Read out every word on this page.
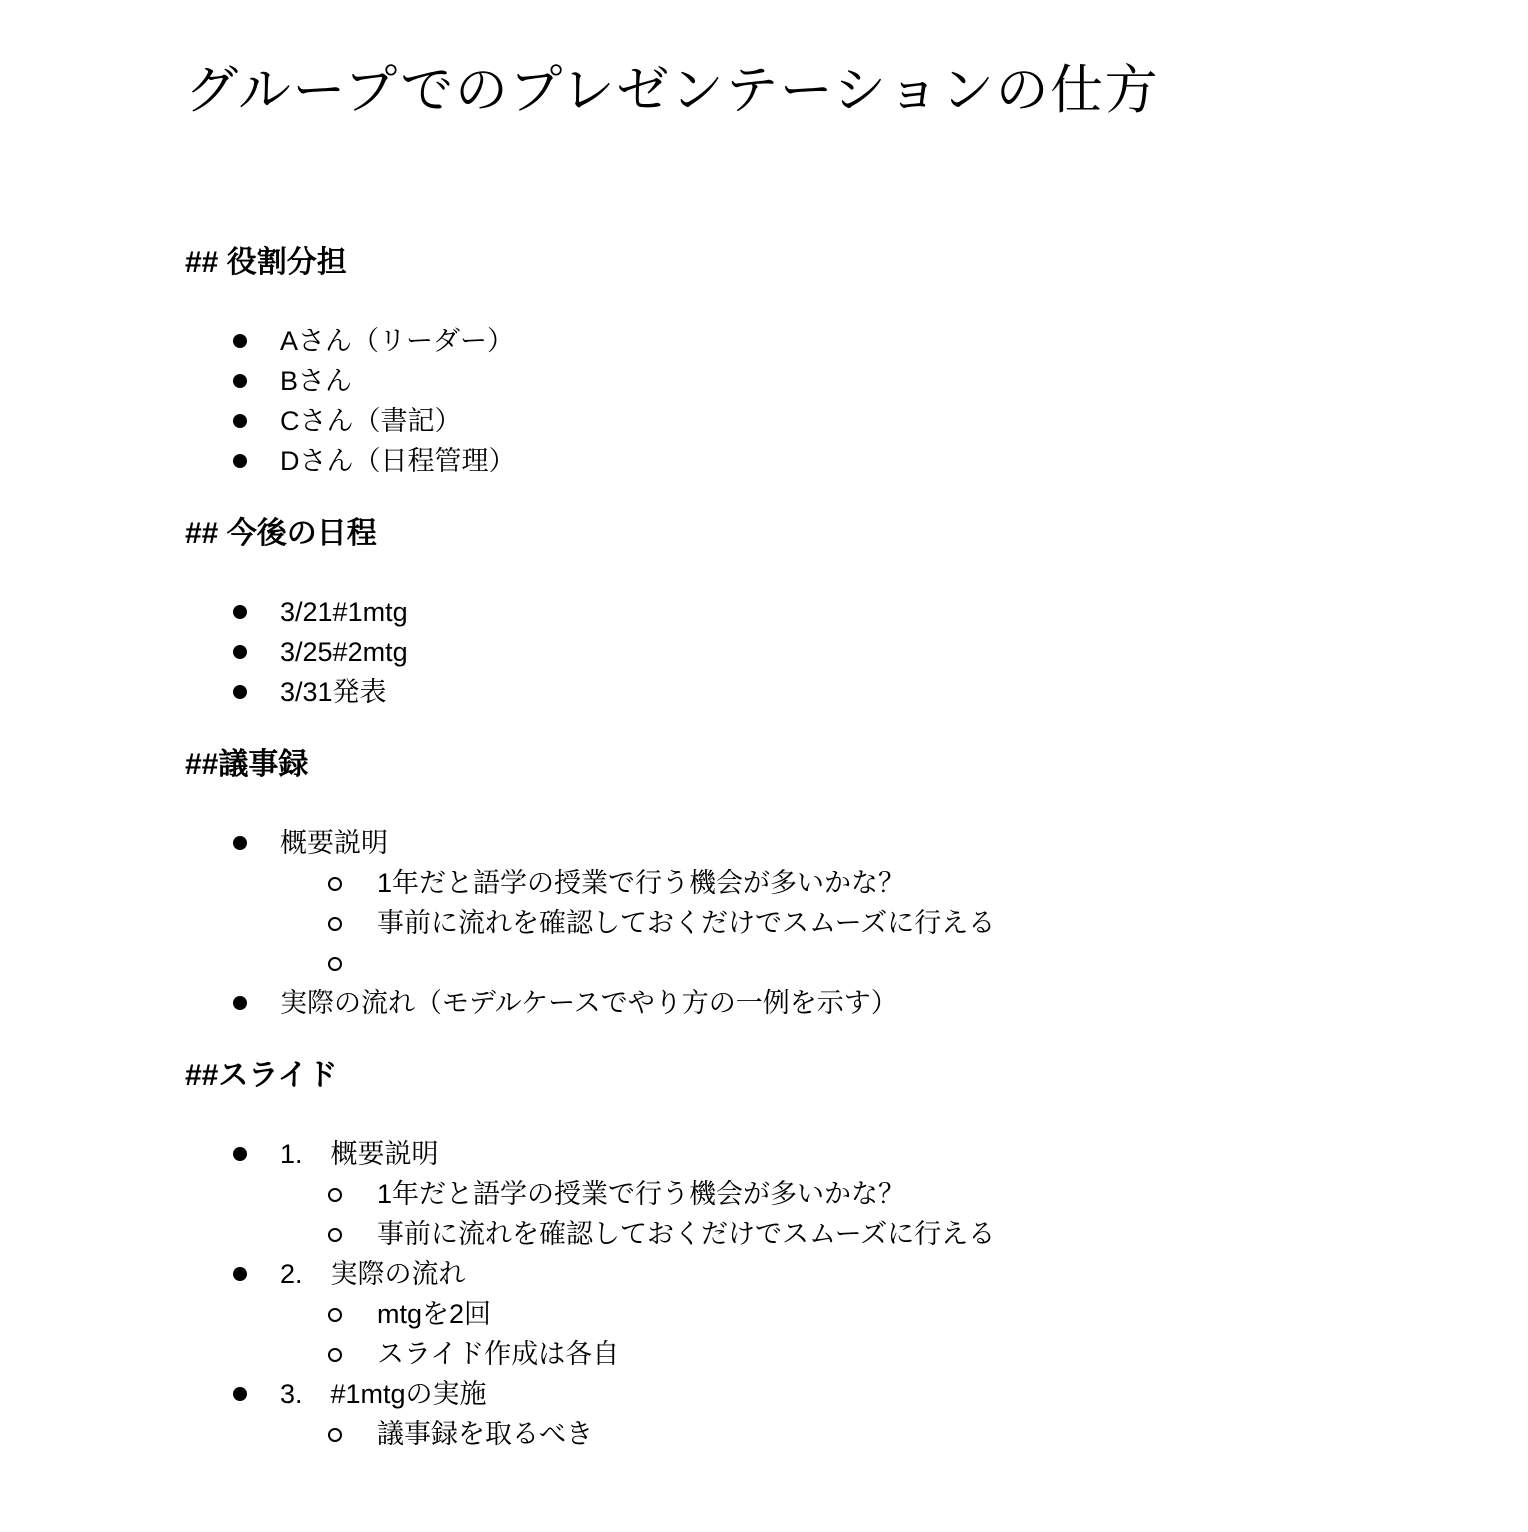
グループでのプレゼンテーションの仕方
## 役割分担
Aさん（リーダー）
Bさん
Cさん（書記）
Dさん（日程管理）
## 今後の日程
3/21#1mtg
3/25#2mtg
3/31発表
##議事録
概要説明
1年だと語学の授業で行う機会が多いかな？
事前に流れを確認しておくだけでスムーズに行える
実際の流れ（モデルケースでやり方の一例を示す）
##スライド
1. 概要説明
1年だと語学の授業で行う機会が多いかな？
事前に流れを確認しておくだけでスムーズに行える
2. 実際の流れ
mtgを2回
スライド作成は各自
3. #1mtgの実施
議事録を取るべき
